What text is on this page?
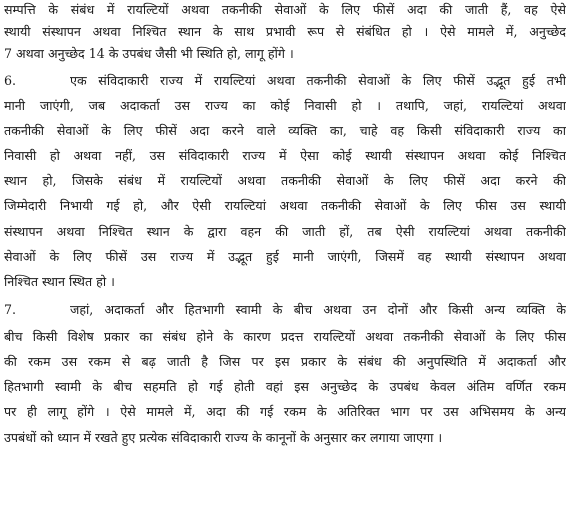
सम्पत्ति के संबंध में रायल्टियों अथवा तकनीकी सेवाओं के लिए फीसें अदा की जाती हैं, वह ऐसे
स्थायी संस्थापन अथवा निश्चित स्थान के साथ प्रभावी रूप से संबंधित हो । ऐसे मामले में, अनुच्छेद
7 अथवा अनुच्छेद 14 के उपबंध जैसी भी स्थिति हो, लागू होंगे ।
6.	एक संविदाकारी राज्य में रायल्टियां अथवा तकनीकी सेवाओं के लिए फीसें उद्भूत हुई तभी
मानी जाएंगी, जब अदाकर्ता उस राज्य का कोई निवासी हो । तथापि, जहां, रायल्टियां अथवा
तकनीकी सेवाओं के लिए फीसें अदा करने वाले व्यक्ति का, चाहे वह किसी संविदाकारी राज्य का
निवासी हो अथवा नहीं, उस संविदाकारी राज्य में ऐसा कोई स्थायी संस्थापन अथवा कोई निश्चित
स्थान हो, जिसके संबंध में रायल्टियों अथवा तकनीकी सेवाओं के लिए फीसें अदा करने की
जिम्मेदारी निभायी गई हो, और ऐसी रायल्टियां अथवा तकनीकी सेवाओं के लिए फीस उस स्थायी
संस्थापन अथवा निश्चित स्थान के द्वारा वहन की जाती हों, तब ऐसी रायल्टियां अथवा तकनीकी
सेवाओं के लिए फीसें उस राज्य में उद्भूत हुई मानी जाएंगी, जिसमें वह स्थायी संस्थापन अथवा
निश्चित स्थान स्थित हो ।
7.	जहां, अदाकर्ता और हितभागी स्वामी के बीच अथवा उन दोनों और किसी अन्य व्यक्ति के
बीच किसी विशेष प्रकार का संबंध होने के कारण प्रदत्त रायल्टियों अथवा तकनीकी सेवाओं के लिए फीस
की रकम उस रकम से बढ़ जाती है जिस पर इस प्रकार के संबंध की अनुपस्थिति में अदाकर्ता और
हितभागी स्वामी के बीच सहमति हो गई होती वहां इस अनुच्छेद के उपबंध केवल अंतिम वर्णित रकम
पर ही लागू होंगे । ऐसे मामले में, अदा की गई रकम के अतिरिक्त भाग पर उस अभिसमय के अन्य
उपबंधों को ध्यान में रखते हुए प्रत्येक संविदाकारी राज्य के कानूनों के अनुसार कर लगाया जाएगा ।
